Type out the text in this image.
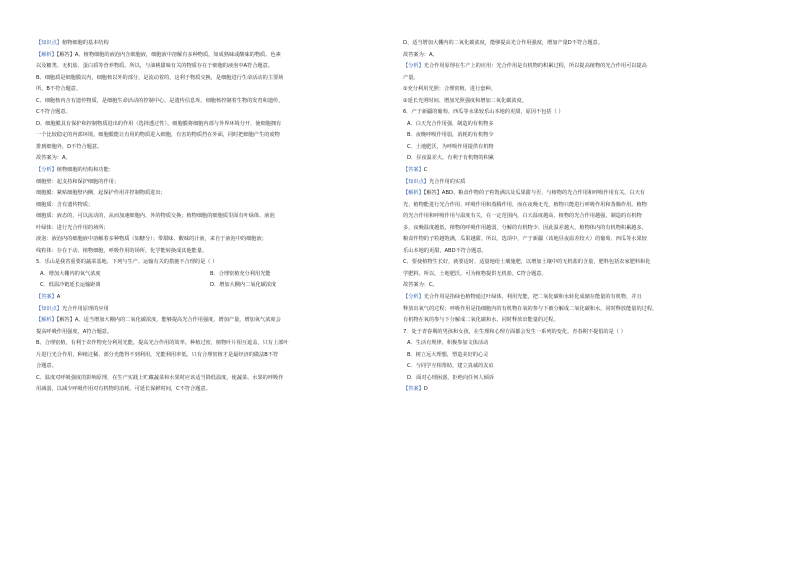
【知识点】植物细胞的基本结构
【解析】【解答】A、植物细胞的液泡内含细胞液，细胞液中溶解有多种物质，如成熟味或酸味的物质、色素
以及糖类、无机盐、蛋白质等营养物质。所以，与油桃甜味有关的物质存在于细胞的液泡中A符合题意。
B、细胞质是细胞膜以内，细胞核以外的部分，是流动着的，这利于物质交换，是细胞进行生命活动的主要场
所，B不符合题意。
C、细胞核内含有遗传物质，是细胞生命活动的控制中心，是遗传信息库。细胞核控制着生物的发育和遗传，
C不符合题意。
D、细胞膜具有保护和控制物质进出的作用（选择透过性）。细胞膜将细胞内部与外界环境分开，使细胞拥有
一个比较稳定的内部环境。细胞膜能让有用的物质进入细胞，有害的物质挡在外面，同时把细胞产生的废物
排到细胞外，D不符合题意。
故答案为：A。
【分析】植物细胞的结构和功能：
细胞壁：起支持和保护细胞的作用；
细胞膜：紧贴细胞壁内侧，起保护作用并控制物质进出；
细胞质：含有遗传物质；
细胞质：液态的，可以流动的，从而加速细胞内、外的物质交换；植物细胞的细胞质里面有叶绿体、液泡
叶绿体：进行光合作用的场所；
液泡：液泡内的细胞液中溶解着多种物质（如糖分）；带甜味、酸味的汁液，来自于液泡中的细胞液；
线粒体：存在于动、植物细胞，呼吸作用的场所，化学能转换成其他能量。
5．乐山是我省重要的蔬菜基地，下列与生产、运输有关的措施不合理的是（ ）
A．增加大棚内的氧气浓度	B．合理密植充分利用光能
C．低温冷链延长运输距离	D．增加大棚内二氧化碳浓度
【答案】A
【知识点】光合作用原理的应用
【解析】【解答】A、适当增加大棚内的二氧化碳浓度，能够提高光合作用强度，增加产量，增加氧气浓度会
提高呼吸作用强度，A符合题意。
B、合理密植，有利于农作物充分利用光能，提高光合作用的效率。种植过密，植物叶片相互遮盖，只有上部叶
片进行光合作用，种植过稀，部分光能得不到利用，光能利用率低。只有合理密植才是最经济的做法B不符
合题意。
C、温度对呼吸强度的影响原理，在生产实践上贮藏蔬菜和水果时应该适当降低温度，使蔬菜、水果的呼吸作
用减弱，以减少呼吸作用对有机物的消耗，可延长保鲜时间，C不符合题意。
D、适当增加大棚内的二氧化碳浓度，能够提高光合作用强度，增加产量D不符合题意。
故答案为：A。
【分析】光合作用原理在生产上的应用：光合作用是有机物的积累过程，所以提高植物的光合作用可以提高
产量。
①充分利用光照：合理密植，进行套种。
②延长光照时间、增加光照强度和增加二氧化碳浓度。
6．产于新疆的葡萄、西瓜等水果较乐山本地的更甜，原因不包括（ ）
A．白天光合作用强，制造的有机物多
B．夜晚呼吸作用弱，消耗的有机物少
C．土地肥沃，为呼吸作用提供有机物
D．昼夜温差大，有利于有机物的积累
【答案】C
【知识点】光合作用的实质
【解析】【解答】ABD、粮食作物的子粒饱满以及瓜果甜与否，与植物的光合作用和呼吸作用有关。白天有
光，植物能进行光合作用、呼吸作用和蒸腾作用，而在夜晚无光，植物只能进行呼吸作用和蒸腾作用。植物
的光合作用和呼吸作用与温度有关，在一定范围内，白天温度越高，植物的光合作用越强，制造的有机物
多，夜晚温度越低，植物的呼吸作用越弱，分解的有机物少。因此温差越大，植物体内的有机物积累越多，
粮食作物的子粒越饱满，瓜果越甜。所以，选项中，产于新疆（该地昼夜温差较大）的葡萄、西瓜等水果较
乐山本地的更甜，ABD不符合题意。
C、要使植物生长好，就要适时、适量地给土壤施肥，以增加土壤中的无机盐的含量，肥料包括农家肥料和化
学肥料。所以，土地肥沃，可为植物提供无机盐，C符合题意。
故答案为：C。
【分析】光合作用是指绿色植物通过叶绿体，利用光能，把二氧化碳和水转化成储存能量的有机物，并且
释放出氧气的过程；呼吸作用是指细胞内的有机物在氧的参与下被分解成二氧化碳和水，同时释放能量的过程。
有机物在氧的参与下分解成二氧化碳和水，同时释放出能量的过程。
7．处于青春期的男孩和女孩，在生理和心理方面都会发生一系列的变化。青春期不提倡的是（ ）
A．生活有规律，积极参加文体活动
B．树立远大理想，塑造美好的心灵
C．与同学互相帮助，建立真诚的友谊
D．面对心理困惑，拒绝向任何人倾诉
【答案】D
